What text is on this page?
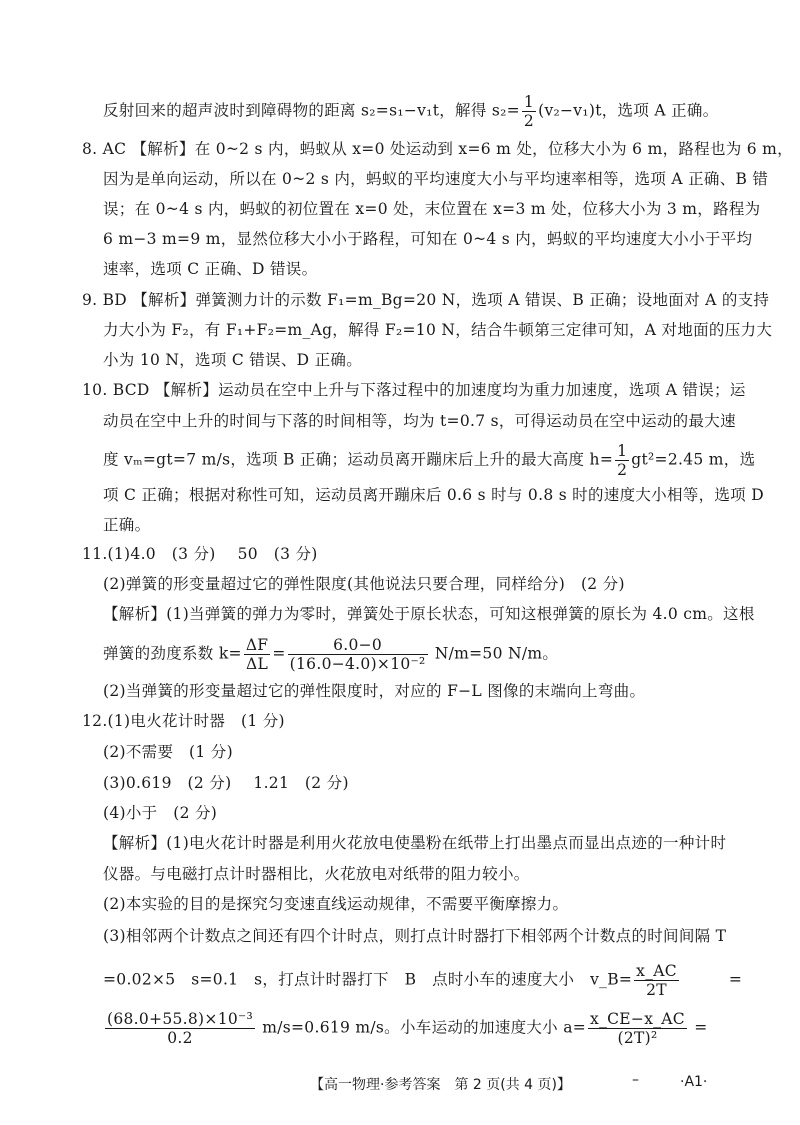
反射回来的超声波时到障碍物的距离 s₂=s₁−v₁t，解得 $s_2= \frac{1}{2} (v_2-v_1)t$，选项 A 正确。
8. AC 【解析】在 0~2 s 内，蚂蚁从 x=0 处运动到 x=6 m 处，位移大小为 6 m，路程也为 6 m，
因为是单向运动，所以在 0~2 s 内，蚂蚁的平均速度大小与平均速率相等，选项 A 正确、B 错
误；在 0~4 s 内，蚂蚁的初位置在 x=0 处，末位置在 x=3 m 处，位移大小为 3 m，路程为
6 m−3 m=9 m，显然位移大小小于路程，可知在 0~4 s 内，蚂蚁的平均速度大小小于平均
速率，选项 C 正确、D 错误。
9. BD 【解析】弹簧测力计的示数 F₁=m_Bg=20 N，选项 A 错误、B 正确；设地面对 A 的支持
力大小为 F₂，有 F₁+F₂=m_Ag，解得 F₂=10 N，结合牛顿第三定律可知，A 对地面的压力大
小为 10 N，选项 C 错误、D 正确。
10. BCD 【解析】运动员在空中上升与下落过程中的加速度均为重力加速度，选项 A 错误；运
动员在空中上升的时间与下落的时间相等，均为 t=0.7 s，可得运动员在空中运动的最大速
度 vₘ=gt=7 m/s，选项 B 正确；运动员离开蹦床后上升的最大高度 $h= \frac{1}{2} gt^2=2.45$ m，选
项 C 正确；根据对称性可知，运动员离开蹦床后 0.6 s 时与 0.8 s 时的速度大小相等，选项 D
正确。
11.(1)4.0　(3 分) 50　(3 分)
(2)弹簧的形变量超过它的弹性限度(其他说法只要合理，同样给分)　(2 分)
【解析】(1)当弹簧的弹力为零时，弹簧处于原长状态，可知这根弹簧的原长为 4.0 cm。这根
弹簧的劲度系数 $k= \frac{\Delta F}{\Delta L} = \frac{6.0-0}{\text{(16.0−4.0)×10⁻²}} N/m=50$ N/m。
(2)当弹簧的形变量超过它的弹性限度时，对应的 F−L 图像的末端向上弯曲。
12.(1)电火花计时器　(1 分)
(2)不需要　(1 分)
(3)0.619　(2 分) 1.21　(2 分)
(4)小于　(2 分)
【解析】(1)电火花计时器是利用火花放电使墨粉在纸带上打出墨点而显出点迹的一种计时
仪器。与电磁打点计时器相比，火花放电对纸带的阻力较小。
(2)本实验的目的是探究匀变速直线运动规律，不需要平衡摩擦力。
(3)相邻两个计数点之间还有四个计时点，则打点计时器打下相邻两个计数点的时间间隔 T
=0.02×5　s=0.1　s，打点计时器打下　B　点时小车的速度大小　v_B= $\frac{x\_AC}{2T}$	=
$\frac{\text{(68.0+55.8)×10⁻³}}{0.2} m/s=0.619$ m/s。小车运动的加速度大小 $a= \frac{x\_CE-x\_AC}{\text{(2T)²}}$ =
【高一物理·参考答案　第 2 页(共 4 页)】	–	·A1·
